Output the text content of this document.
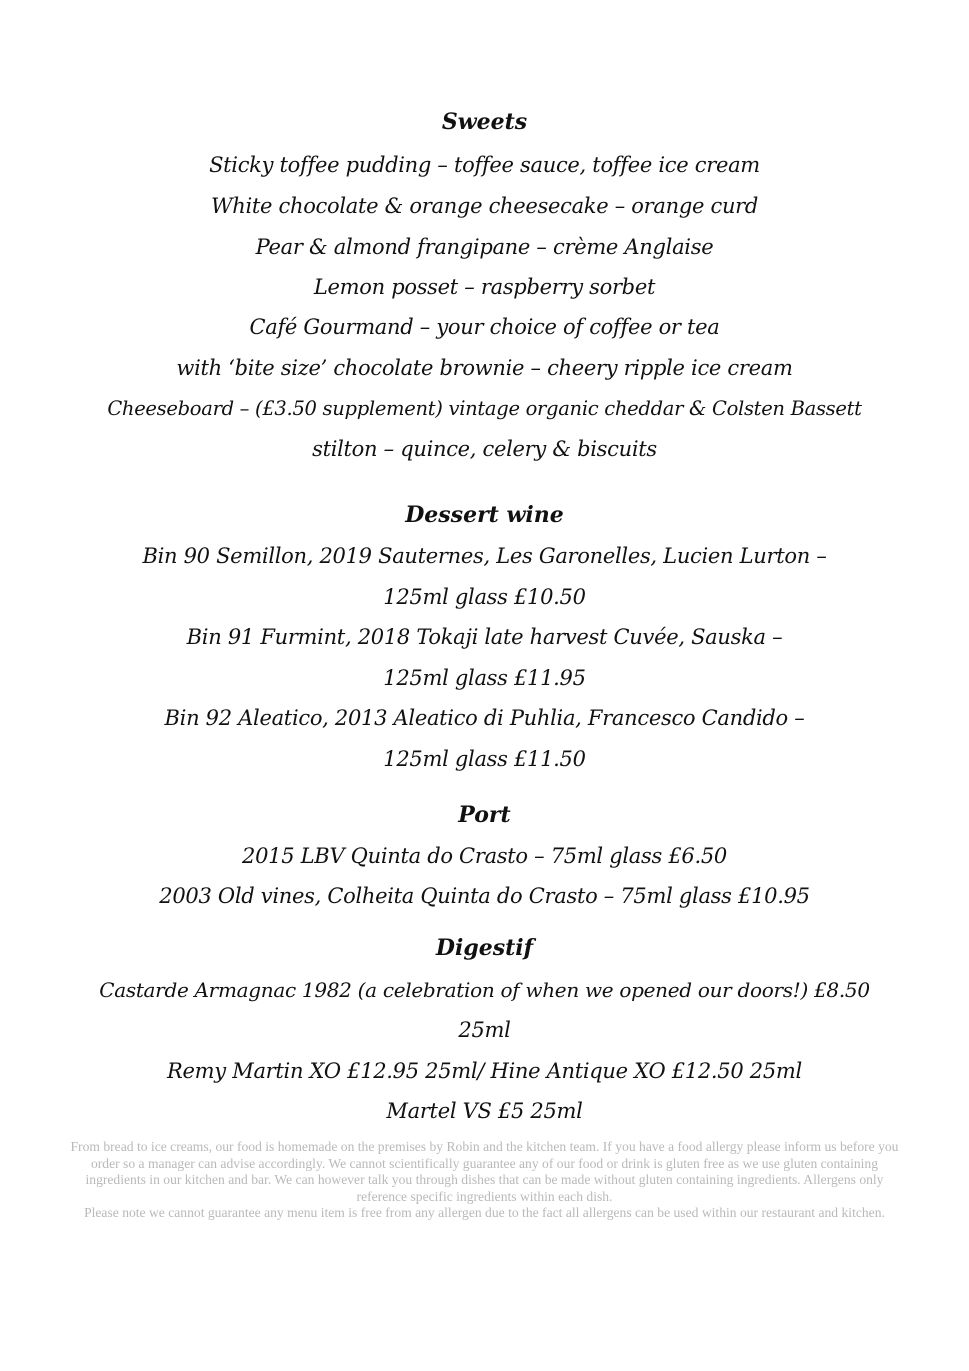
Sweets
Sticky toffee pudding – toffee sauce, toffee ice cream
White chocolate & orange cheesecake – orange curd
Pear & almond frangipane – crème Anglaise
Lemon posset – raspberry sorbet
Café Gourmand – your choice of coffee or tea
with ‘bite size’ chocolate brownie – cheery ripple ice cream
Cheeseboard – (£3.50 supplement) vintage organic cheddar & Colsten Bassett
stilton – quince, celery & biscuits
Dessert wine
Bin 90 Semillon, 2019 Sauternes, Les Garonelles, Lucien Lurton –
125ml glass £10.50
Bin 91 Furmint, 2018 Tokaji late harvest Cuvée, Sauska –
125ml glass £11.95
Bin 92 Aleatico, 2013 Aleatico di Puhlia, Francesco Candido –
125ml glass £11.50
Port
2015 LBV Quinta do Crasto – 75ml glass £6.50
2003 Old vines, Colheita Quinta do Crasto – 75ml glass £10.95
Digestif
Castarde Armagnac 1982 (a celebration of when we opened our doors!) £8.50
25ml
Remy Martin XO £12.95 25ml/ Hine Antique XO £12.50 25ml
Martel VS £5 25ml

From bread to ice creams, our food is homemade on the premises by Robin and the kitchen team. If you have a food allergy please inform us before you order so a manager can advise accordingly. We cannot scientifically guarantee any of our food or drink is gluten free as we use gluten containing ingredients in our kitchen and bar. We can however talk you through dishes that can be made without gluten containing ingredients. Allergens only reference specific ingredients within each dish.

Please note we cannot guarantee any menu item is free from any allergen due to the fact all allergens can be used within our restaurant and kitchen.
